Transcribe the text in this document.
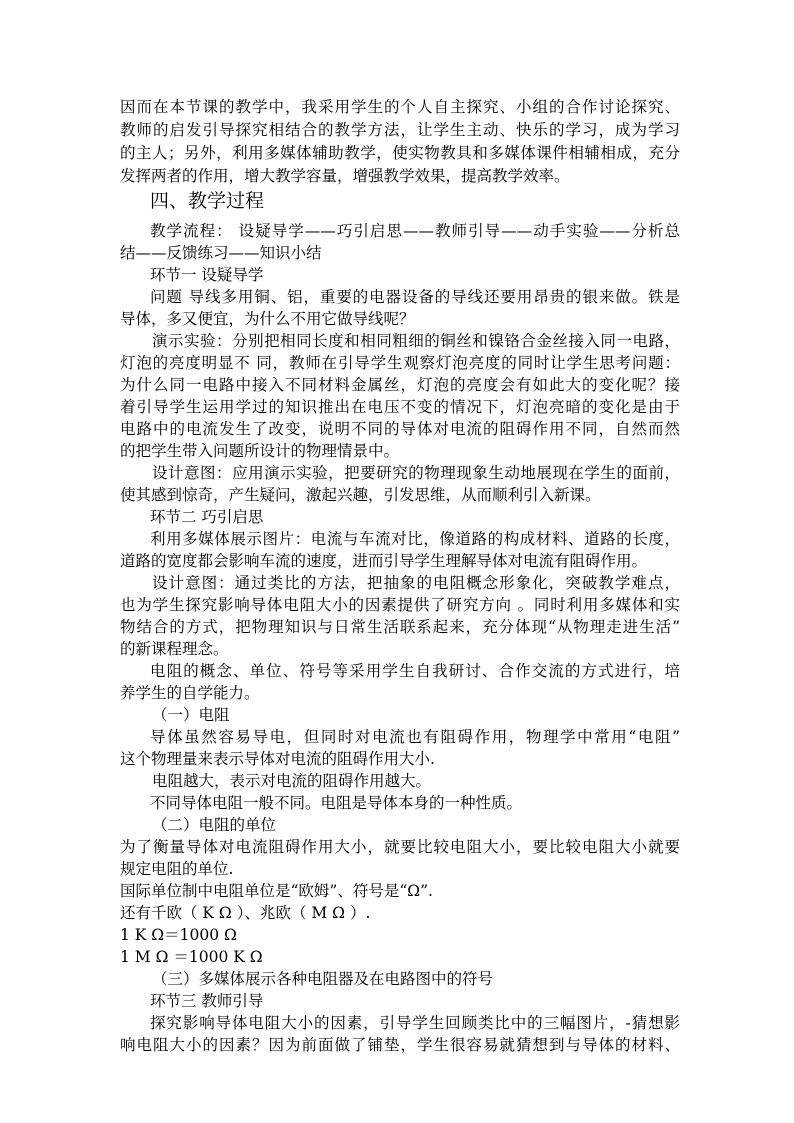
因而在本节课的教学中，我采用学生的个人自主探究、小组的合作讨论探究、
教师的启发引导探究相结合的教学方法，让学生主动、快乐的学习，成为学习
的主人；另外，利用多媒体辅助教学，使实物教具和多媒体课件相辅相成，充分
发挥两者的作用，增大教学容量，增强教学效果，提高教学效率。
四、教学过程
教学流程： 设疑导学——巧引启思——教师引导——动手实验——分析总
结——反馈练习——知识小结
环节一 设疑导学
问题 导线多用铜、铝，重要的电器设备的导线还要用昂贵的银来做。铁是
导体，多又便宜，为什么不用它做导线呢？
演示实验：分别把相同长度和相同粗细的铜丝和镍铬合金丝接入同一电路，
灯泡的亮度明显不 同，教师在引导学生观察灯泡亮度的同时让学生思考问题：
为什么同一电路中接入不同材料金属丝，灯泡的亮度会有如此大的变化呢？接
着引导学生运用学过的知识推出在电压不变的情况下，灯泡亮暗的变化是由于
电路中的电流发生了改变，说明不同的导体对电流的阻碍作用不同，自然而然
的把学生带入问题所设计的物理情景中。
设计意图：应用演示实验，把要研究的物理现象生动地展现在学生的面前，
使其感到惊奇，产生疑问，激起兴趣，引发思维，从而顺利引入新课。
环节二 巧引启思
利用多媒体展示图片：电流与车流对比，像道路的构成材料、道路的长度，
道路的宽度都会影响车流的速度，进而引导学生理解导体对电流有阻碍作用。
设计意图：通过类比的方法，把抽象的电阻概念形象化，突破教学难点，
也为学生探究影响导体电阻大小的因素提供了研究方向 。同时利用多媒体和实
物结合的方式，把物理知识与日常生活联系起来，充分体现“从物理走进生活”
的新课程理念。
电阻的概念、单位、符号等采用学生自我研讨、合作交流的方式进行，培
养学生的自学能力。
（一）电阻
导体虽然容易导电，但同时对电流也有阻碍作用，物理学中常用“电阻”
这个物理量来表示导体对电流的阻碍作用大小.
电阻越大，表示对电流的阻碍作用越大。
不同导体电阻一般不同。电阻是导体本身的一种性质。
（二）电阻的单位
为了衡量导体对电流阻碍作用大小，就要比较电阻大小，要比较电阻大小就要
规定电阻的单位.
国际单位制中电阻单位是“欧姆”、符号是“Ω”.
还有千欧（ K Ω ）、兆欧（ M Ω ）.
1 K Ω＝1000 Ω
1 M Ω ＝1000 K Ω
（三）多媒体展示各种电阻器及在电路图中的符号
环节三 教师引导
探究影响导体电阻大小的因素，引导学生回顾类比中的三幅图片，-猜想影
响电阻大小的因素？因为前面做了铺垫，学生很容易就猜想到与导体的材料、
